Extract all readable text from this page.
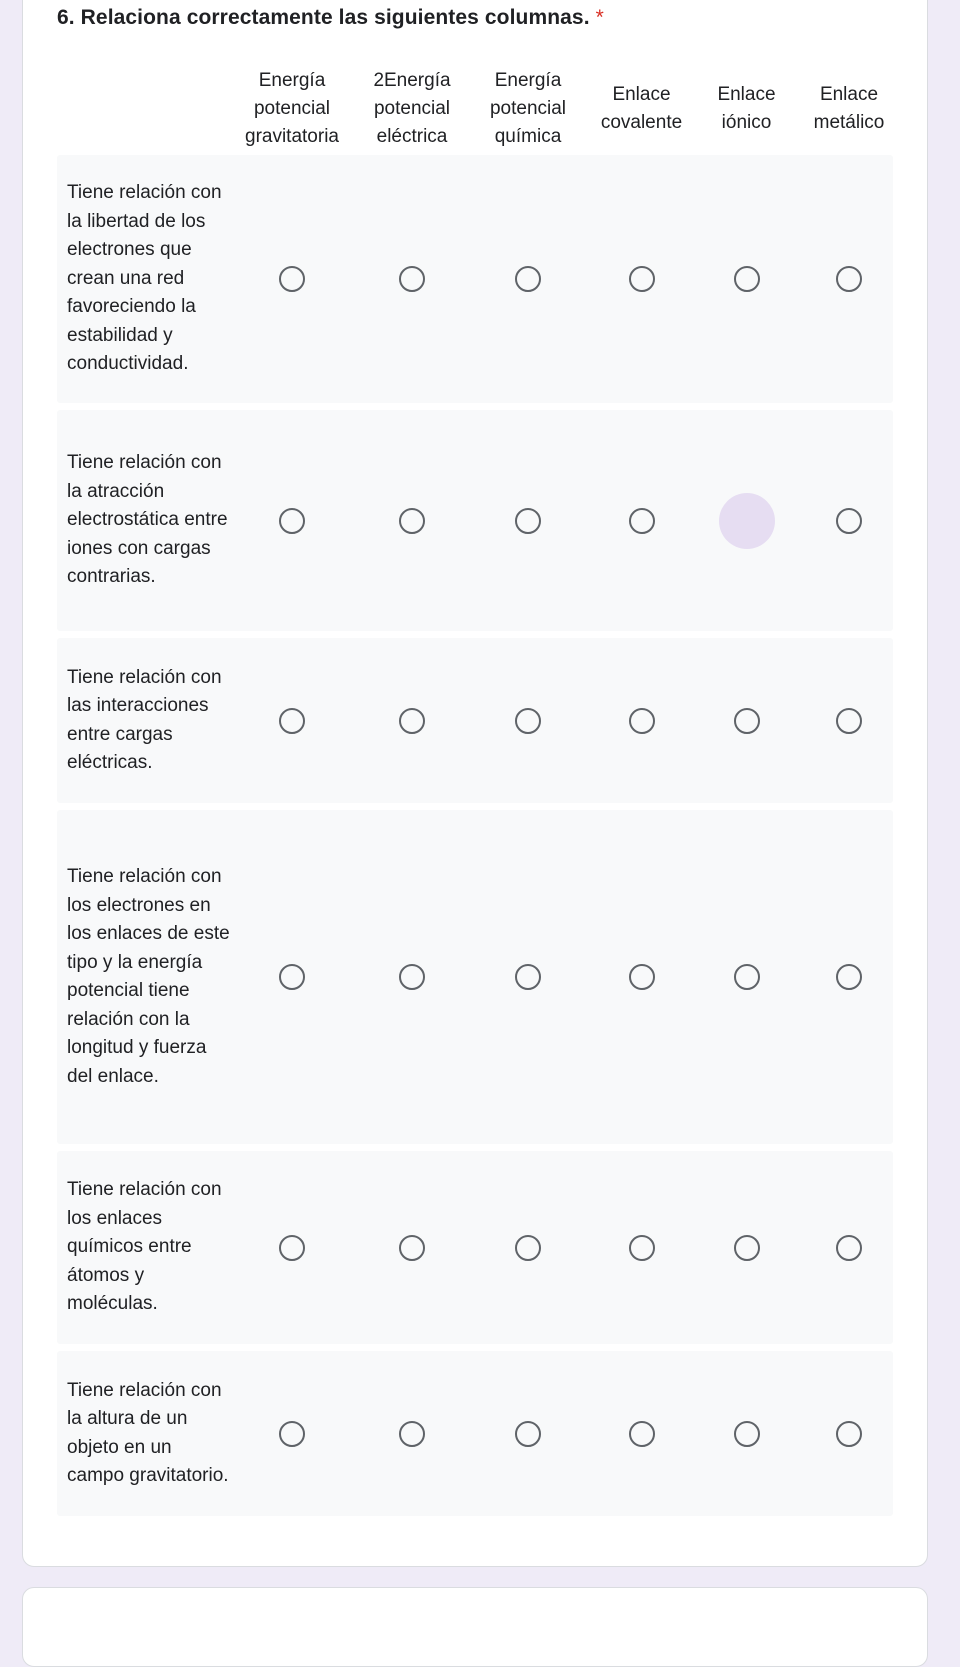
6. Relaciona correctamente las siguientes columnas. *
Energía
potencial
gravitatoria
2Energía
potencial
eléctrica
Energía
potencial
química
Enlace
covalente
Enlace
iónico
Enlace
metálico
Tiene relación con la libertad de los electrones que crean una red favoreciendo la estabilidad y conductividad.
Tiene relación con la atracción electrostática entre iones con cargas contrarias.
Tiene relación con las interacciones entre cargas eléctricas.
Tiene relación con los electrones en los enlaces de este tipo y la energía potencial tiene relación con la longitud y fuerza del enlace.
Tiene relación con los enlaces químicos entre átomos y moléculas.
Tiene relación con la altura de un objeto en un campo gravitatorio.
